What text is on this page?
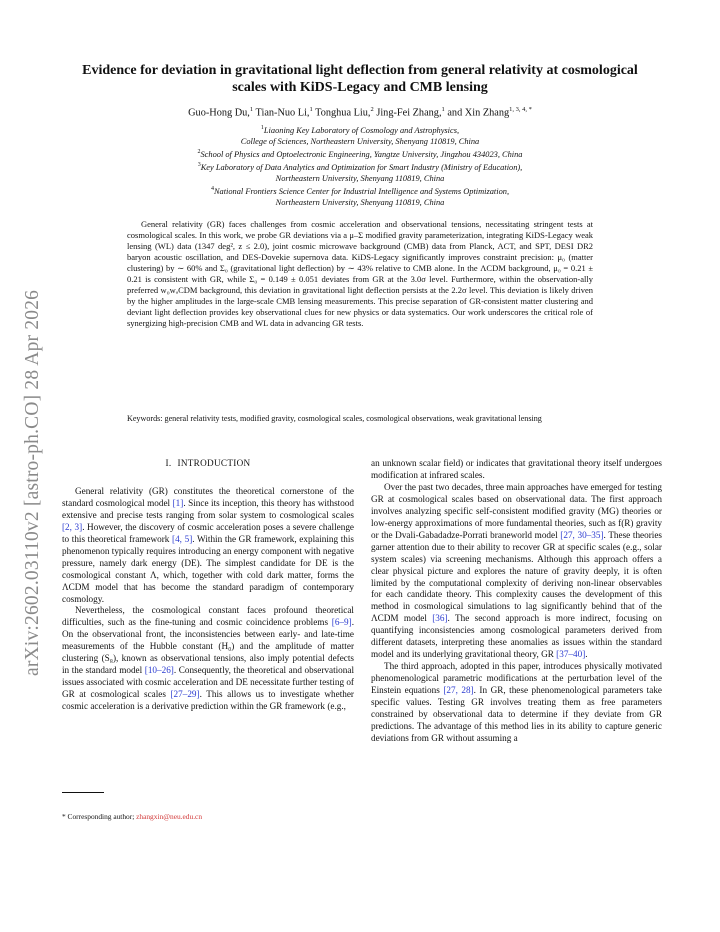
arXiv:2602.03110v2 [astro-ph.CO] 28 Apr 2026
Evidence for deviation in gravitational light deflection from general relativity at cosmological scales with KiDS-Legacy and CMB lensing
Guo-Hong Du,$^1$ Tian-Nuo Li,$^1$ Tonghua Liu,$^2$ Jing-Fei Zhang,$^1$ and Xin Zhang$^{1, 3, 4, *}$
$^1$Liaoning Key Laboratory of Cosmology and Astrophysics,
College of Sciences, Northeastern University, Shenyang 110819, China
$^2$School of Physics and Optoelectronic Engineering, Yangtze University, Jingzhou 434023, China
$^3$Key Laboratory of Data Analytics and Optimization for Smart Industry (Ministry of Education),
Northeastern University, Shenyang 110819, China
$^4$National Frontiers Science Center for Industrial Intelligence and Systems Optimization,
Northeastern University, Shenyang 110819, China
General relativity (GR) faces challenges from cosmic acceleration and observational tensions, necessitating stringent tests at cosmological scales. In this work, we probe GR deviations via a μ–Σ modified gravity parameterization, integrating KiDS-Legacy weak lensing (WL) data (1347 deg², z ≤ 2.0), joint cosmic microwave background (CMB) data from Planck, ACT, and SPT, DESI DR2 baryon acoustic oscillation, and DES-Dovekie supernova data. KiDS-Legacy significantly improves constraint precision: μ₀ (matter clustering) by ∼ 60% and Σ₀ (gravitational light deflection) by ∼ 43% relative to CMB alone. In the ΛCDM background, μ₀ = 0.21 ± 0.21 is consistent with GR, while Σ₀ = 0.149 ± 0.051 deviates from GR at the 3.0σ level. Furthermore, within the observation-ally preferred w₀wₐCDM background, this deviation in gravitational light deflection persists at the 2.2σ level. This deviation is likely driven by the higher amplitudes in the large-scale CMB lensing measurements. This precise separation of GR-consistent matter clustering and deviant light deflection provides key observational clues for new physics or data systematics. Our work underscores the critical role of synergizing high-precision CMB and WL data in advancing GR tests.
Keywords: general relativity tests, modified gravity, cosmological scales, cosmological observations, weak gravitational lensing
I. INTRODUCTION

General relativity (GR) constitutes the theoretical cornerstone of the standard cosmological model [1]. Since its inception, this theory has withstood extensive and precise tests ranging from solar system to cosmological scales [2, 3]. However, the discovery of cosmic acceleration poses a severe challenge to this theoretical framework [4, 5]. Within the GR framework, explaining this phenomenon typically requires introducing an energy component with negative pressure, namely dark energy (DE). The simplest candidate for DE is the cosmological constant Λ, which, together with cold dark matter, forms the ΛCDM model that has become the standard paradigm of contemporary cosmology.

Nevertheless, the cosmological constant faces profound theoretical difficulties, such as the fine-tuning and cosmic coincidence problems [6–9]. On the observational front, the inconsistencies between early- and late-time measurements of the Hubble constant (H₀) and the amplitude of matter clustering (S₈), known as observational tensions, also imply potential defects in the standard model [10–26]. Consequently, the theoretical and observational issues associated with cosmic acceleration and DE necessitate further testing of GR at cosmological scales [27–29]. This allows us to investigate whether cosmic acceleration is a derivative prediction within the GR framework (e.g.,

an unknown scalar field) or indicates that gravitational theory itself undergoes modification at infrared scales.

Over the past two decades, three main approaches have emerged for testing GR at cosmological scales based on observational data. The first approach involves analyzing specific self-consistent modified gravity (MG) theories or low-energy approximations of more fundamental theories, such as f(R) gravity or the Dvali-Gabadadze-Porrati braneworld model [27, 30–35]. These theories garner attention due to their ability to recover GR at specific scales (e.g., solar system scales) via screening mechanisms. Although this approach offers a clear physical picture and explores the nature of gravity deeply, it is often limited by the computational complexity of deriving non-linear observables for each candidate theory. This complexity causes the development of this method in cosmological simulations to lag significantly behind that of the ΛCDM model [36]. The second approach is more indirect, focusing on quantifying inconsistencies among cosmological parameters derived from different datasets, interpreting these anomalies as issues within the standard model and its underlying gravitational theory, GR [37–40].

The third approach, adopted in this paper, introduces physically motivated phenomenological parametric modifications at the perturbation level of the Einstein equations [27, 28]. In GR, these phenomenological parameters take specific values. Testing GR involves treating them as free parameters constrained by observational data to determine if they deviate from GR predictions. The advantage of this method lies in its ability to capture generic deviations from GR without assuming a

* Corresponding author; zhangxin@neu.edu.cn
